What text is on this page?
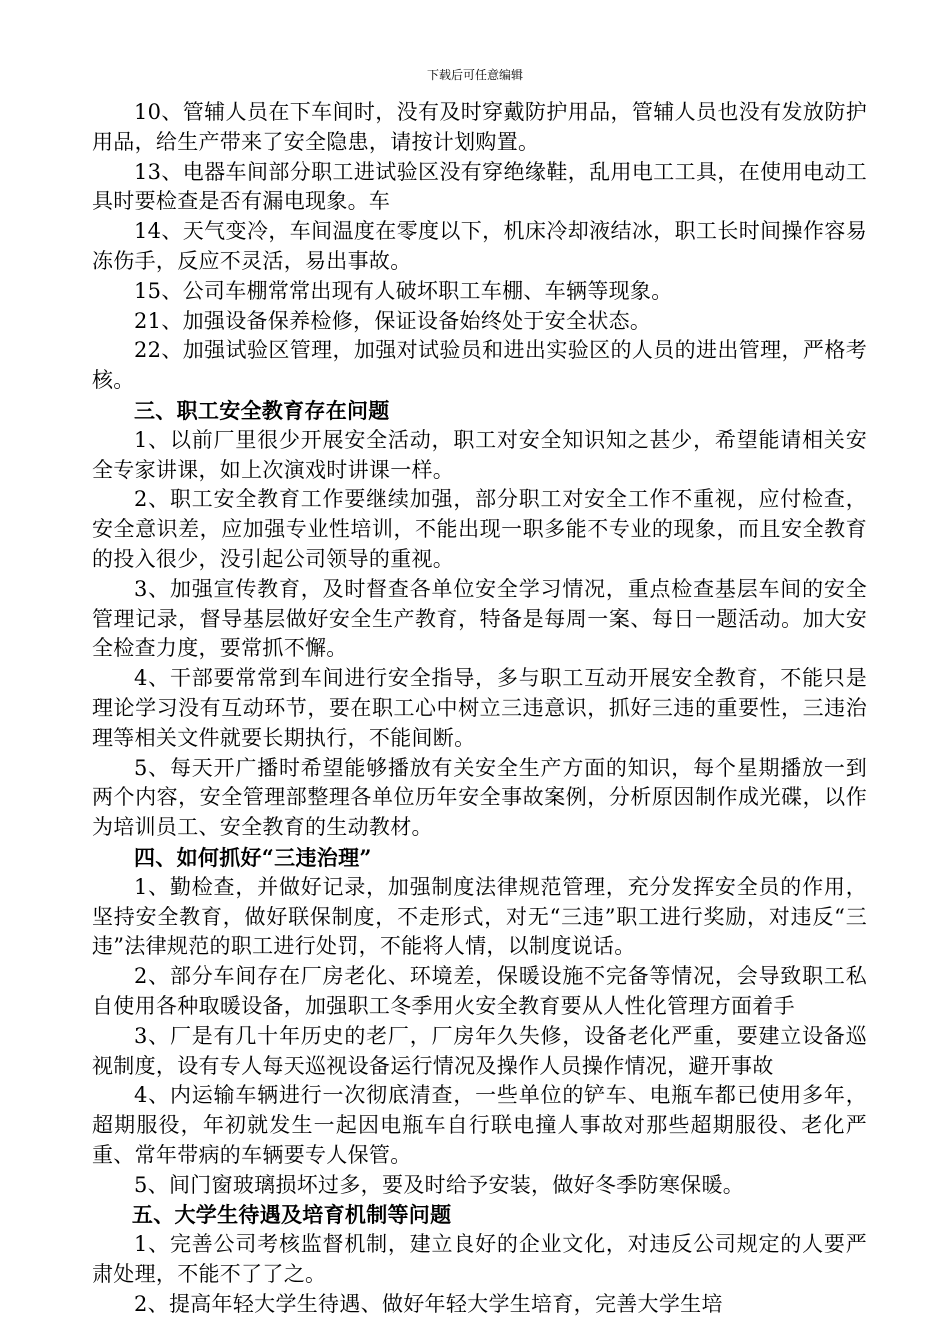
下载后可任意编辑

10、管辅人员在下车间时，没有及时穿戴防护用品，管辅人员也没有发放防护用品，给生产带来了安全隐患，请按计划购置。

13、电器车间部分职工进试验区没有穿绝缘鞋，乱用电工工具，在使用电动工具时要检查是否有漏电现象。车

14、天气变冷，车间温度在零度以下，机床冷却液结冰，职工长时间操作容易冻伤手，反应不灵活，易出事故。

15、公司车棚常常出现有人破坏职工车棚、车辆等现象。

21、加强设备保养检修，保证设备始终处于安全状态。

22、加强试验区管理，加强对试验员和进出实验区的人员的进出管理，严格考核。

三、职工安全教育存在问题

1、以前厂里很少开展安全活动，职工对安全知识知之甚少，希望能请相关安全专家讲课，如上次演戏时讲课一样。

2、职工安全教育工作要继续加强，部分职工对安全工作不重视，应付检查，安全意识差，应加强专业性培训，不能出现一职多能不专业的现象，而且安全教育的投入很少，没引起公司领导的重视。

3、加强宣传教育，及时督查各单位安全学习情况，重点检查基层车间的安全管理记录，督导基层做好安全生产教育，特备是每周一案、每日一题活动。加大安全检查力度，要常抓不懈。

4、干部要常常到车间进行安全指导，多与职工互动开展安全教育，不能只是理论学习没有互动环节，要在职工心中树立三违意识，抓好三违的重要性，三违治理等相关文件就要长期执行，不能间断。

5、每天开广播时希望能够播放有关安全生产方面的知识，每个星期播放一到两个内容，安全管理部整理各单位历年安全事故案例，分析原因制作成光碟，以作为培训员工、安全教育的生动教材。

四、如何抓好“三违治理”

1、勤检查，并做好记录，加强制度法律规范管理，充分发挥安全员的作用，坚持安全教育，做好联保制度，不走形式，对无“三违”职工进行奖励，对违反“三违”法律规范的职工进行处罚，不能将人情，以制度说话。

2、部分车间存在厂房老化、环境差，保暖设施不完备等情况，会导致职工私自使用各种取暖设备，加强职工冬季用火安全教育要从人性化管理方面着手

3、厂是有几十年历史的老厂，厂房年久失修，设备老化严重，要建立设备巡视制度，设有专人每天巡视设备运行情况及操作人员操作情况，避开事故

4、内运输车辆进行一次彻底清查，一些单位的铲车、电瓶车都已使用多年，超期服役，年初就发生一起因电瓶车自行联电撞人事故对那些超期服役、老化严重、常年带病的车辆要专人保管。

5、间门窗玻璃损坏过多，要及时给予安装，做好冬季防寒保暖。

五、大学生待遇及培育机制等问题

1、完善公司考核监督机制，建立良好的企业文化，对违反公司规定的人要严肃处理，不能不了了之。

2、提高年轻大学生待遇、做好年轻大学生培育，完善大学生培
